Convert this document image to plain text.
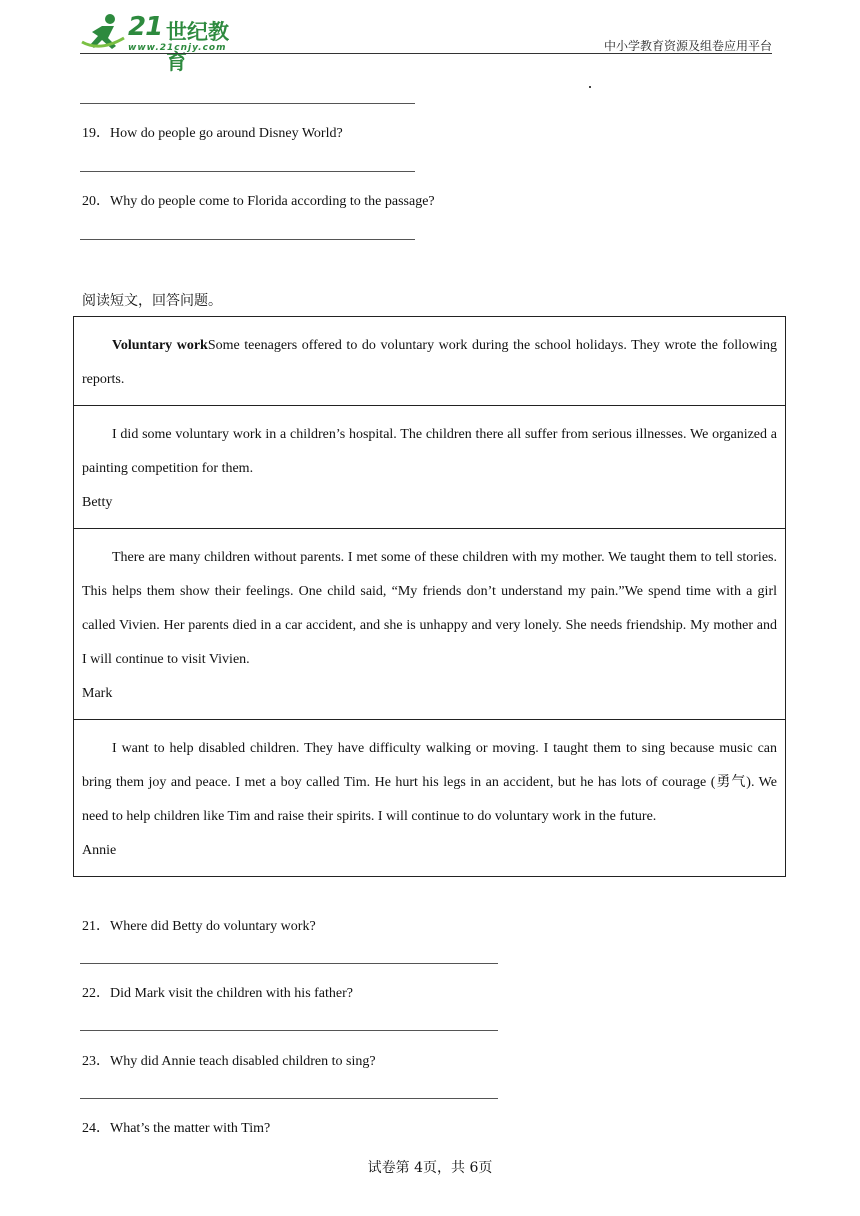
21 世纪教育
www.21cnjy.com	中小学教育资源及组卷应用平台
19．How do people go around Disney World?
20．Why do people come to Florida according to the passage?
阅读短文，回答问题。

Voluntary workSome teenagers offered to do voluntary work during the school holidays. They wrote the following reports.

I did some voluntary work in a children’s hospital. The children there all suffer from serious illnesses. We organized a painting competition for them.

Betty

There are many children without parents. I met some of these children with my mother. We taught them to tell stories. This helps them show their feelings. One child said, “My friends don’t understand my pain.”We spend time with a girl called Vivien. Her parents died in a car accident, and she is unhappy and very lonely. She needs friendship. My mother and I will continue to visit Vivien.

Mark

I want to help disabled children. They have difficulty walking or moving. I taught them to sing because music can bring them joy and peace. I met a boy called Tim. He hurt his legs in an accident, but he has lots of courage (勇气). We need to help children like Tim and raise their spirits. I will continue to do voluntary work in the future.

Annie

21．Where did Betty do voluntary work?
22．Did Mark visit the children with his father?
23．Why did Annie teach disabled children to sing?
24．What’s the matter with Tim?
试卷第 4页，共 6页
